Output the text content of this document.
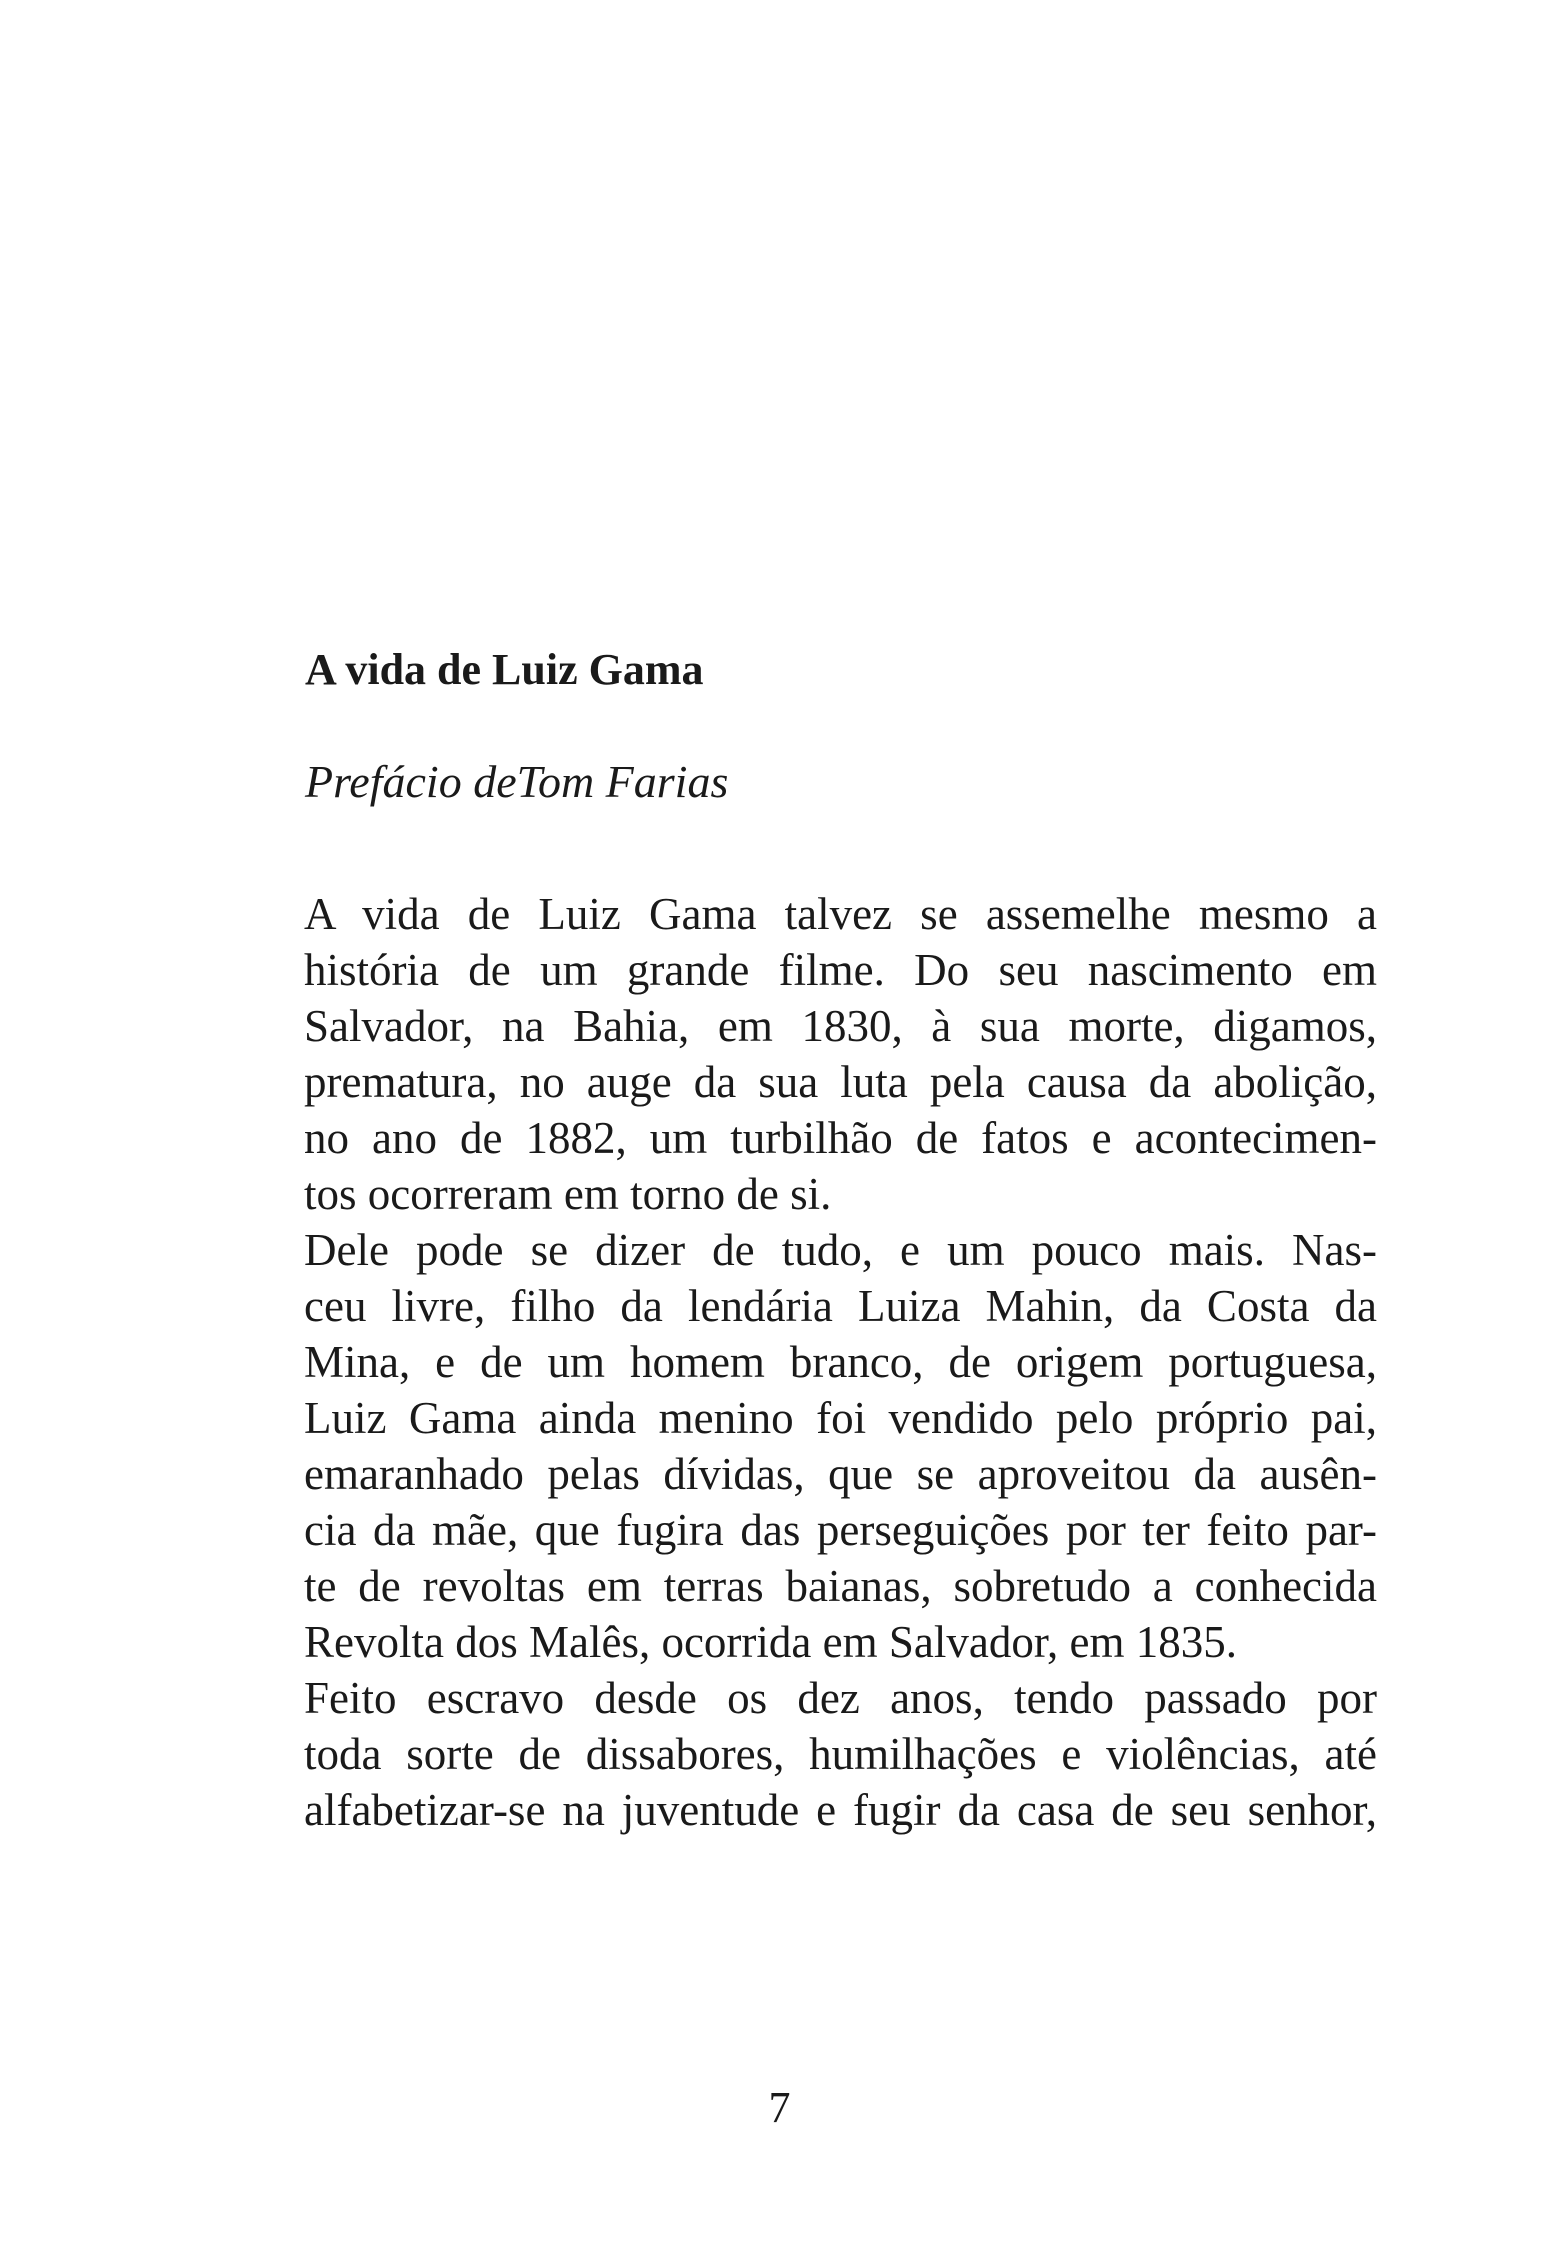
A vida de Luiz Gama
Prefácio deTom Farias

A vida de Luiz Gama talvez se assemelhe mesmo a
história de um grande filme. Do seu nascimento em
Salvador, na Bahia, em 1830, à sua morte, digamos,
prematura, no auge da sua luta pela causa da abolição,
no ano de 1882, um turbilhão de fatos e acontecimen-
tos ocorreram em torno de si.

Dele pode se dizer de tudo, e um pouco mais. Nas-
ceu livre, filho da lendária Luiza Mahin, da Costa da
Mina, e de um homem branco, de origem portuguesa,
Luiz Gama ainda menino foi vendido pelo próprio pai,
emaranhado pelas dívidas, que se aproveitou da ausên-
cia da mãe, que fugira das perseguições por ter feito par-
te de revoltas em terras baianas, sobretudo a conhecida
Revolta dos Malês, ocorrida em Salvador, em 1835.

Feito escravo desde os dez anos, tendo passado por
toda sorte de dissabores, humilhações e violências, até
alfabetizar-se na juventude e fugir da casa de seu senhor,

7
